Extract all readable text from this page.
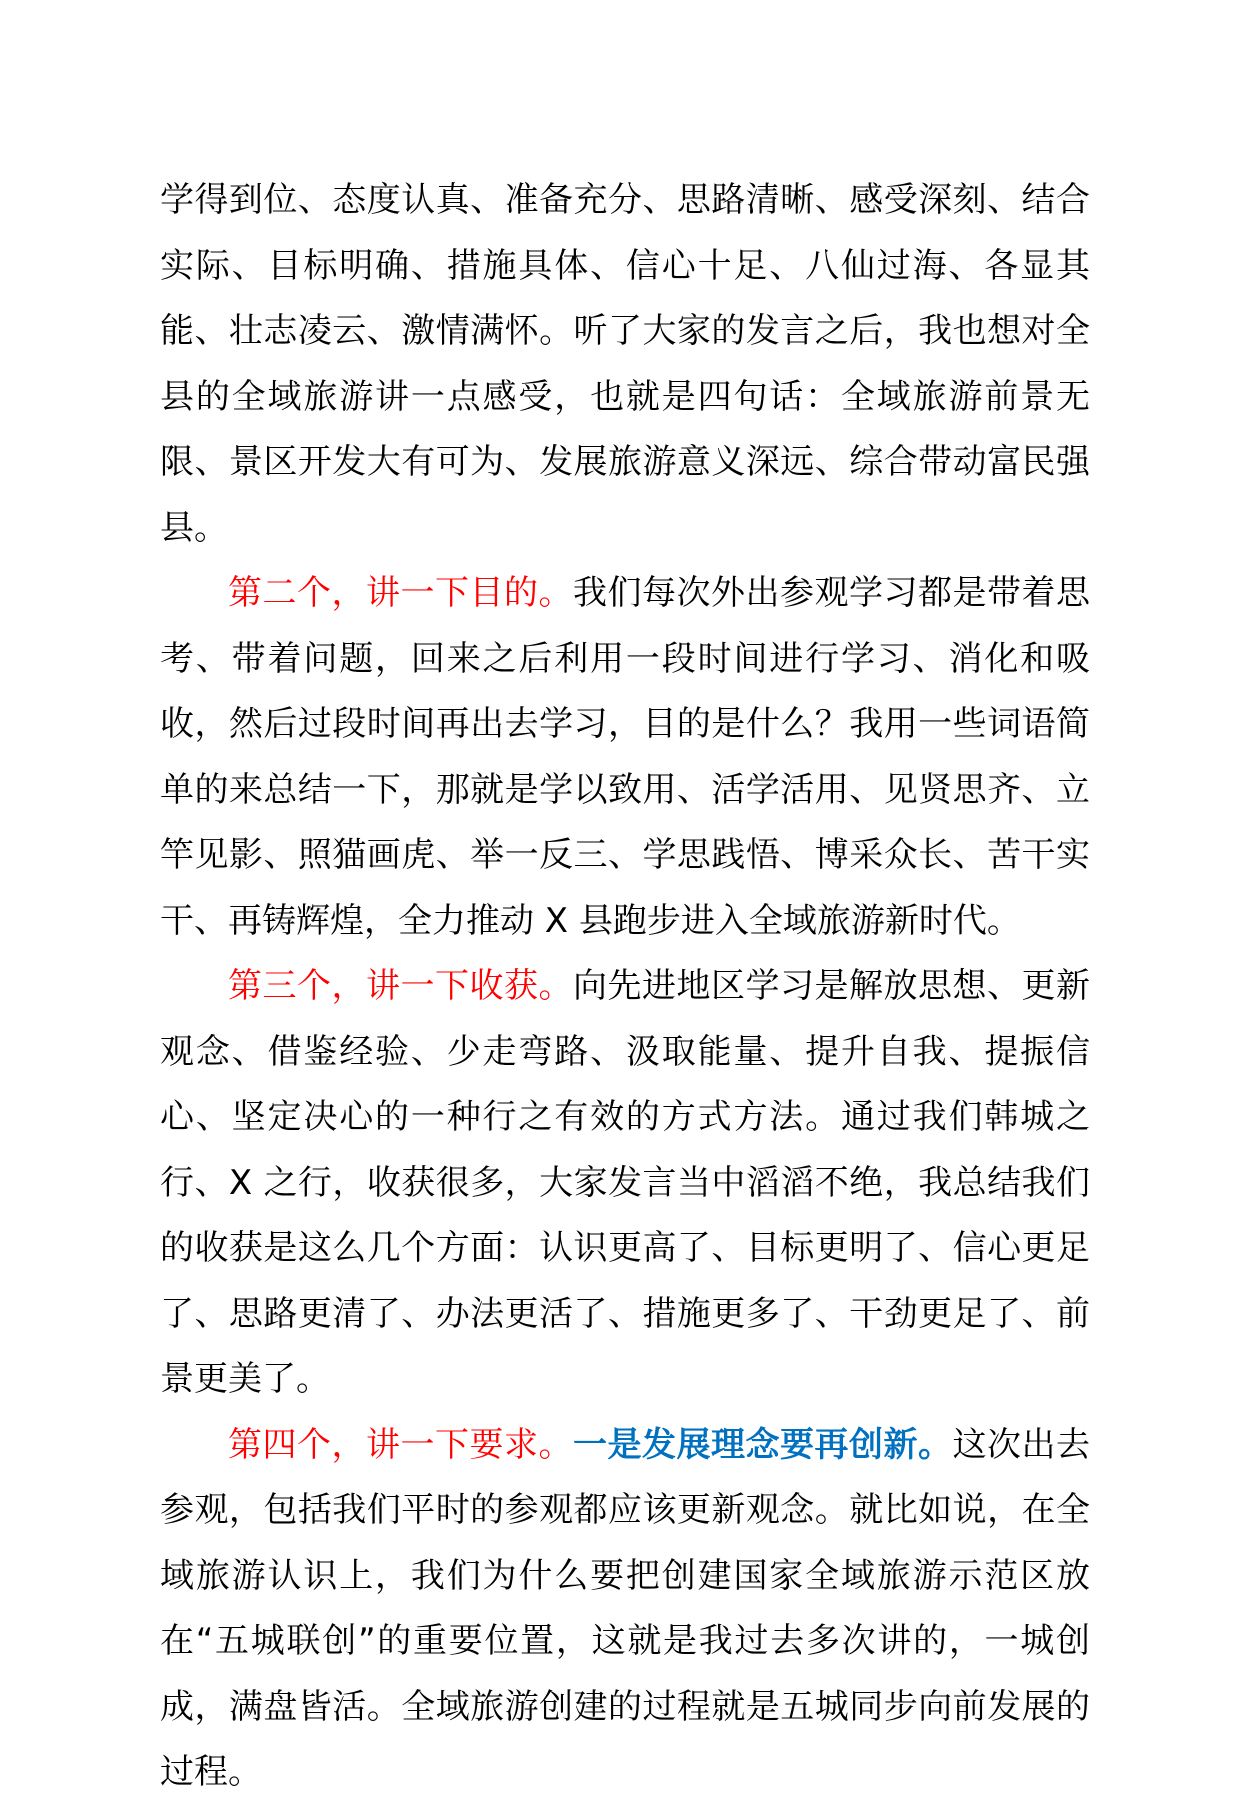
学得到位、态度认真、准备充分、思路清晰、感受深刻、结合实际、目标明确、措施具体、信心十足、八仙过海、各显其能、壮志凌云、激情满怀。听了大家的发言之后，我也想对全县的全域旅游讲一点感受，也就是四句话：全域旅游前景无限、景区开发大有可为、发展旅游意义深远、综合带动富民强县。

第二个，讲一下目的。我们每次外出参观学习都是带着思考、带着问题，回来之后利用一段时间进行学习、消化和吸收，然后过段时间再出去学习，目的是什么？我用一些词语简单的来总结一下，那就是学以致用、活学活用、见贤思齐、立竿见影、照猫画虎、举一反三、学思践悟、博采众长、苦干实干、再铸辉煌，全力推动 X 县跑步进入全域旅游新时代。

第三个，讲一下收获。向先进地区学习是解放思想、更新观念、借鉴经验、少走弯路、汲取能量、提升自我、提振信心、坚定决心的一种行之有效的方式方法。通过我们韩城之行、X 之行，收获很多，大家发言当中滔滔不绝，我总结我们的收获是这么几个方面：认识更高了、目标更明了、信心更足了、思路更清了、办法更活了、措施更多了、干劲更足了、前景更美了。

第四个，讲一下要求。一是发展理念要再创新。这次出去参观，包括我们平时的参观都应该更新观念。就比如说，在全域旅游认识上，我们为什么要把创建国家全域旅游示范区放在“五城联创”的重要位置，这就是我过去多次讲的，一城创成，满盘皆活。全域旅游创建的过程就是五城同步向前发展的过程。
